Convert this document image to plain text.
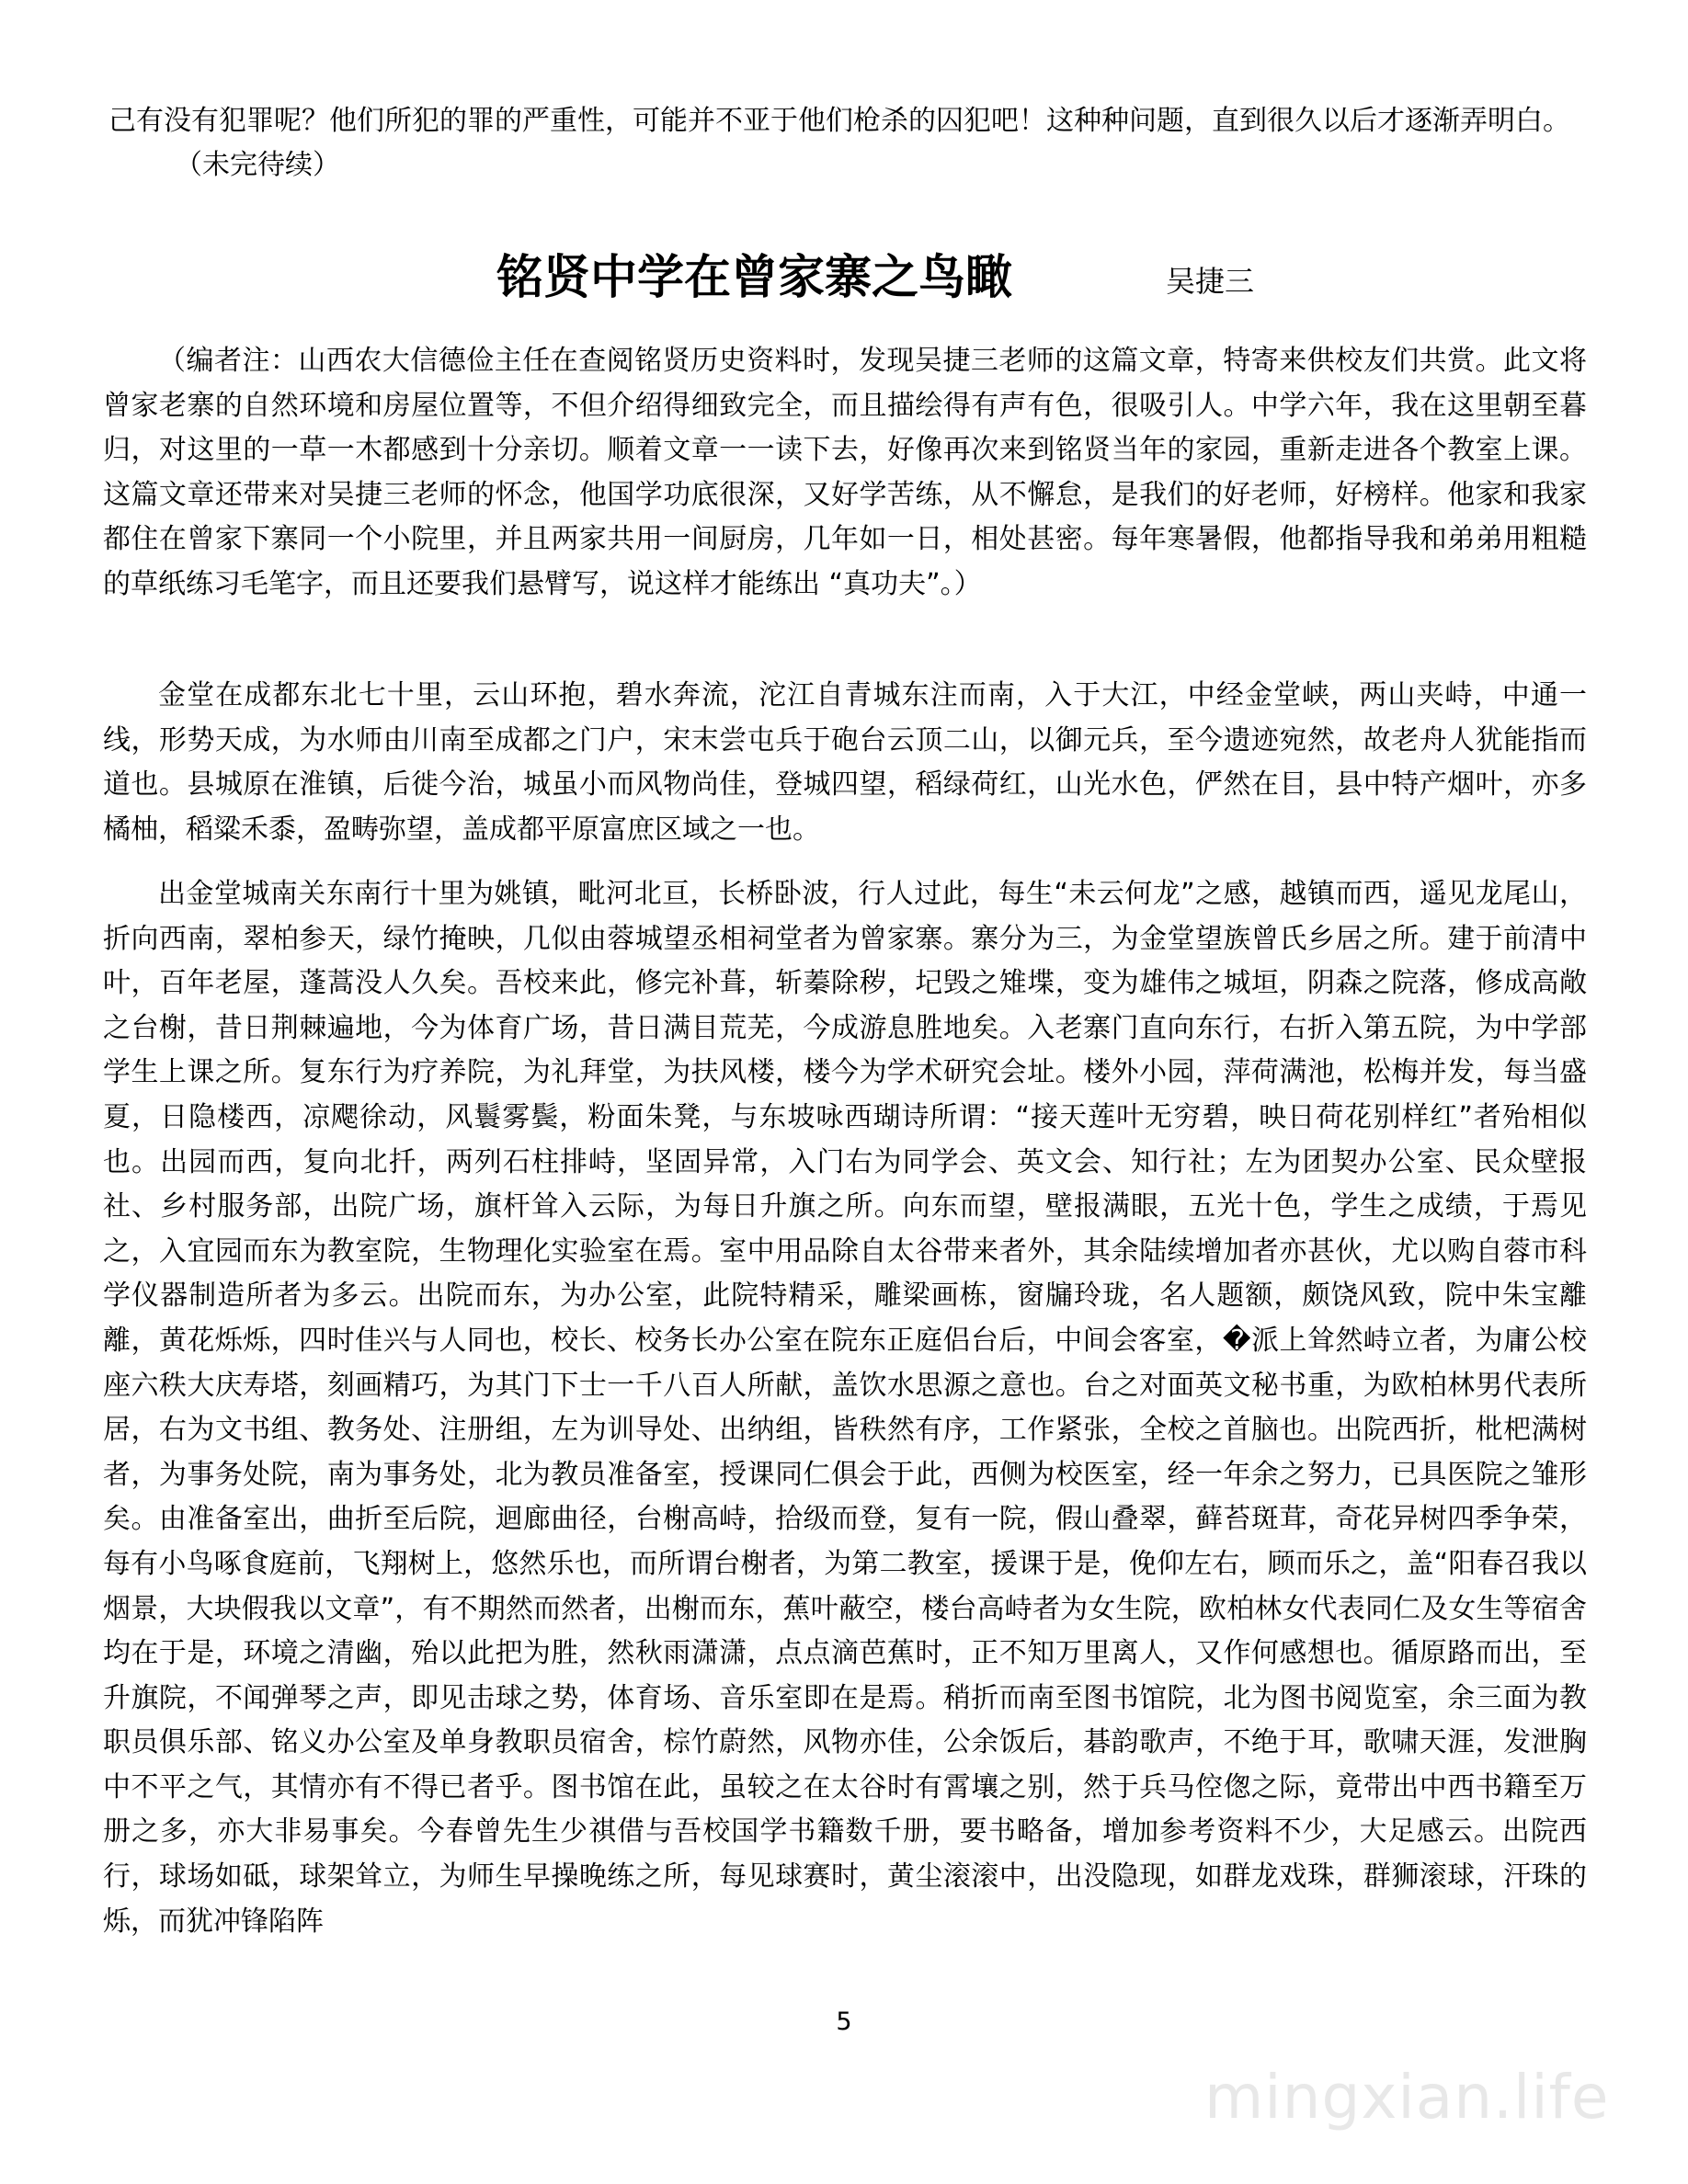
己有没有犯罪呢？他们所犯的罪的严重性，可能并不亚于他们枪杀的囚犯吧！这种种问题，直到很久以后才逐渐弄明白。（未完待续）

铭贤中学在曾家寨之鸟瞰	吴捷三

（编者注：山西农大信德俭主任在查阅铭贤历史资料时，发现吴捷三老师的这篇文章，特寄来供校友们共赏。此文将曾家老寨的自然环境和房屋位置等，不但介绍得细致完全，而且描绘得有声有色，很吸引人。中学六年，我在这里朝至暮归，对这里的一草一木都感到十分亲切。顺着文章一一读下去，好像再次来到铭贤当年的家园，重新走进各个教室上课。这篇文章还带来对吴捷三老师的怀念，他国学功底很深，又好学苦练，从不懈怠，是我们的好老师，好榜样。他家和我家都住在曾家下寨同一个小院里，并且两家共用一间厨房，几年如一日，相处甚密。每年寒暑假，他都指导我和弟弟用粗糙的草纸练习毛笔字，而且还要我们悬臂写，说这样才能练出 “真功夫”。）

金堂在成都东北七十里，云山环抱，碧水奔流，沱江自青城东注而南，入于大江，中经金堂峡，两山夹峙，中通一线，形势天成，为水师由川南至成都之门户，宋末尝屯兵于砲台云顶二山，以御元兵，至今遗迹宛然，故老舟人犹能指而道也。县城原在淮镇，后徙今治，城虽小而风物尚佳，登城四望，稻绿荷红，山光水色，俨然在目，县中特产烟叶，亦多橘柚，稻粱禾黍，盈畴弥望，盖成都平原富庶区域之一也。

出金堂城南关东南行十里为姚镇，毗河北亘，长桥卧波，行人过此，每生“未云何龙”之感，越镇而西，遥见龙尾山，折向西南，翠柏参天，绿竹掩映，几似由蓉城望丞相祠堂者为曾家寨。寨分为三，为金堂望族曾氏乡居之所。建于前清中叶，百年老屋，蓬蒿没人久矣。吾校来此，修完补葺，斩蓁除秽，圮毁之雉堞，变为雄伟之城垣，阴森之院落，修成高敞之台榭，昔日荆棘遍地，今为体育广场，昔日满目荒芜，今成游息胜地矣。入老寨门直向东行，右折入第五院，为中学部学生上课之所。复东行为疗养院，为礼拜堂，为扶风楼，楼今为学术研究会址。楼外小园，萍荷满池，松梅并发，每当盛夏，日隐楼西，凉飔徐动，风鬟雾鬓，粉面朱凳，与东坡咏西瑚诗所谓：“接天莲叶无穷碧，映日荷花别样红”者殆相似也。出园而西，复向北扦，两列石柱排峙，坚固异常，入门右为同学会、英文会、知行社；左为团契办公室、民众壁报社、乡村服务部，出院广场，旗杆耸入云际，为每日升旗之所。向东而望，壁报满眼，五光十色，学生之成绩，于焉见之，入宜园而东为教室院，生物理化实验室在焉。室中用品除自太谷带来者外，其余陆续增加者亦甚伙，尤以购自蓉市科学仪器制造所者为多云。出院而东，为办公室，此院特精采，雕梁画栋，窗牖玲珑，名人题额，颇饶风致，院中朱宝離離，黄花烁烁，四时佳兴与人同也，校长、校务长办公室在院东正庭侣台后，中间会客室，�派上耸然峙立者，为庸公校座六秩大庆寿塔，刻画精巧，为其门下士一千八百人所献，盖饮水思源之意也。台之对面英文秘书重，为欧柏林男代表所居，右为文书组、教务处、注册组，左为训导处、出纳组，皆秩然有序，工作紧张，全校之首脑也。出院西折，枇杷满树者，为事务处院，南为事务处，北为教员准备室，授课同仁俱会于此，西侧为校医室，经一年余之努力，已具医院之雏形矣。由准备室出，曲折至后院，迴廊曲径，台榭高峙，拾级而登，复有一院，假山叠翠，藓苔斑茸，奇花异树四季争荣，每有小鸟啄食庭前，飞翔树上，悠然乐也，而所谓台榭者，为第二教室，援课于是，俛仰左右，顾而乐之，盖“阳春召我以烟景，大块假我以文章”，有不期然而然者，出榭而东，蕉叶蔽空，楼台高峙者为女生院，欧柏林女代表同仁及女生等宿舍均在于是，环境之清幽，殆以此把为胜，然秋雨潇潇，点点滴芭蕉时，正不知万里离人，又作何感想也。循原路而出，至升旗院，不闻弹琴之声，即见击球之势，体育场、音乐室即在是焉。稍折而南至图书馆院，北为图书阅览室，余三面为教职员俱乐部、铭义办公室及单身教职员宿舍，棕竹蔚然，风物亦佳，公余饭后，碁韵歌声，不绝于耳，歌啸天涯，发泄胸中不平之气，其情亦有不得已者乎。图书馆在此，虽较之在太谷时有霄壤之别，然于兵马倥偬之际，竟带出中西书籍至万册之多，亦大非易事矣。今春曾先生少祺借与吾校国学书籍数千册，要书略备，增加参考资料不少，大足感云。出院西行，球场如砥，球架耸立，为师生早操晚练之所，每见球赛时，黄尘滚滚中，出没隐现，如群龙戏珠，群狮滚球，汗珠的烁，而犹冲锋陷阵

5
mingxian.life
